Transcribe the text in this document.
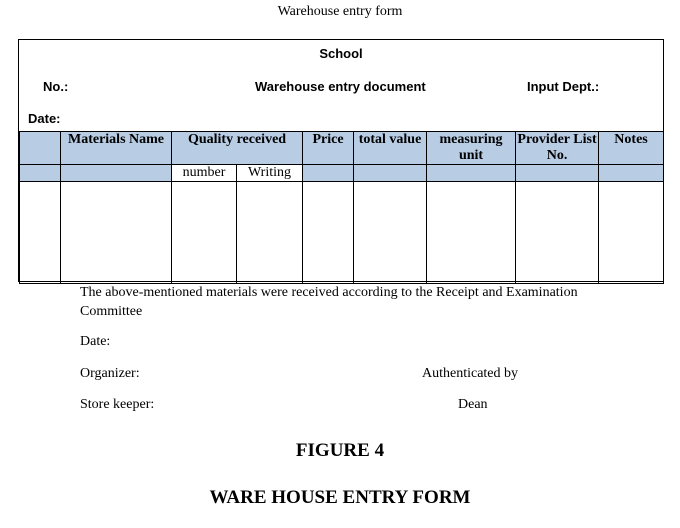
Warehouse entry form
School
No.:	Warehouse entry document	Input Dept.:
Date:
	Materials Name	Quality received		Price	total value	measuring unit	Provider List No.	Notes
		number	Writing					

The above-mentioned materials were received according to the Receipt and Examination Committee
Date:
Organizer:	Authenticated by
Store keeper:	Dean
FIGURE 4
WARE HOUSE ENTRY FORM
